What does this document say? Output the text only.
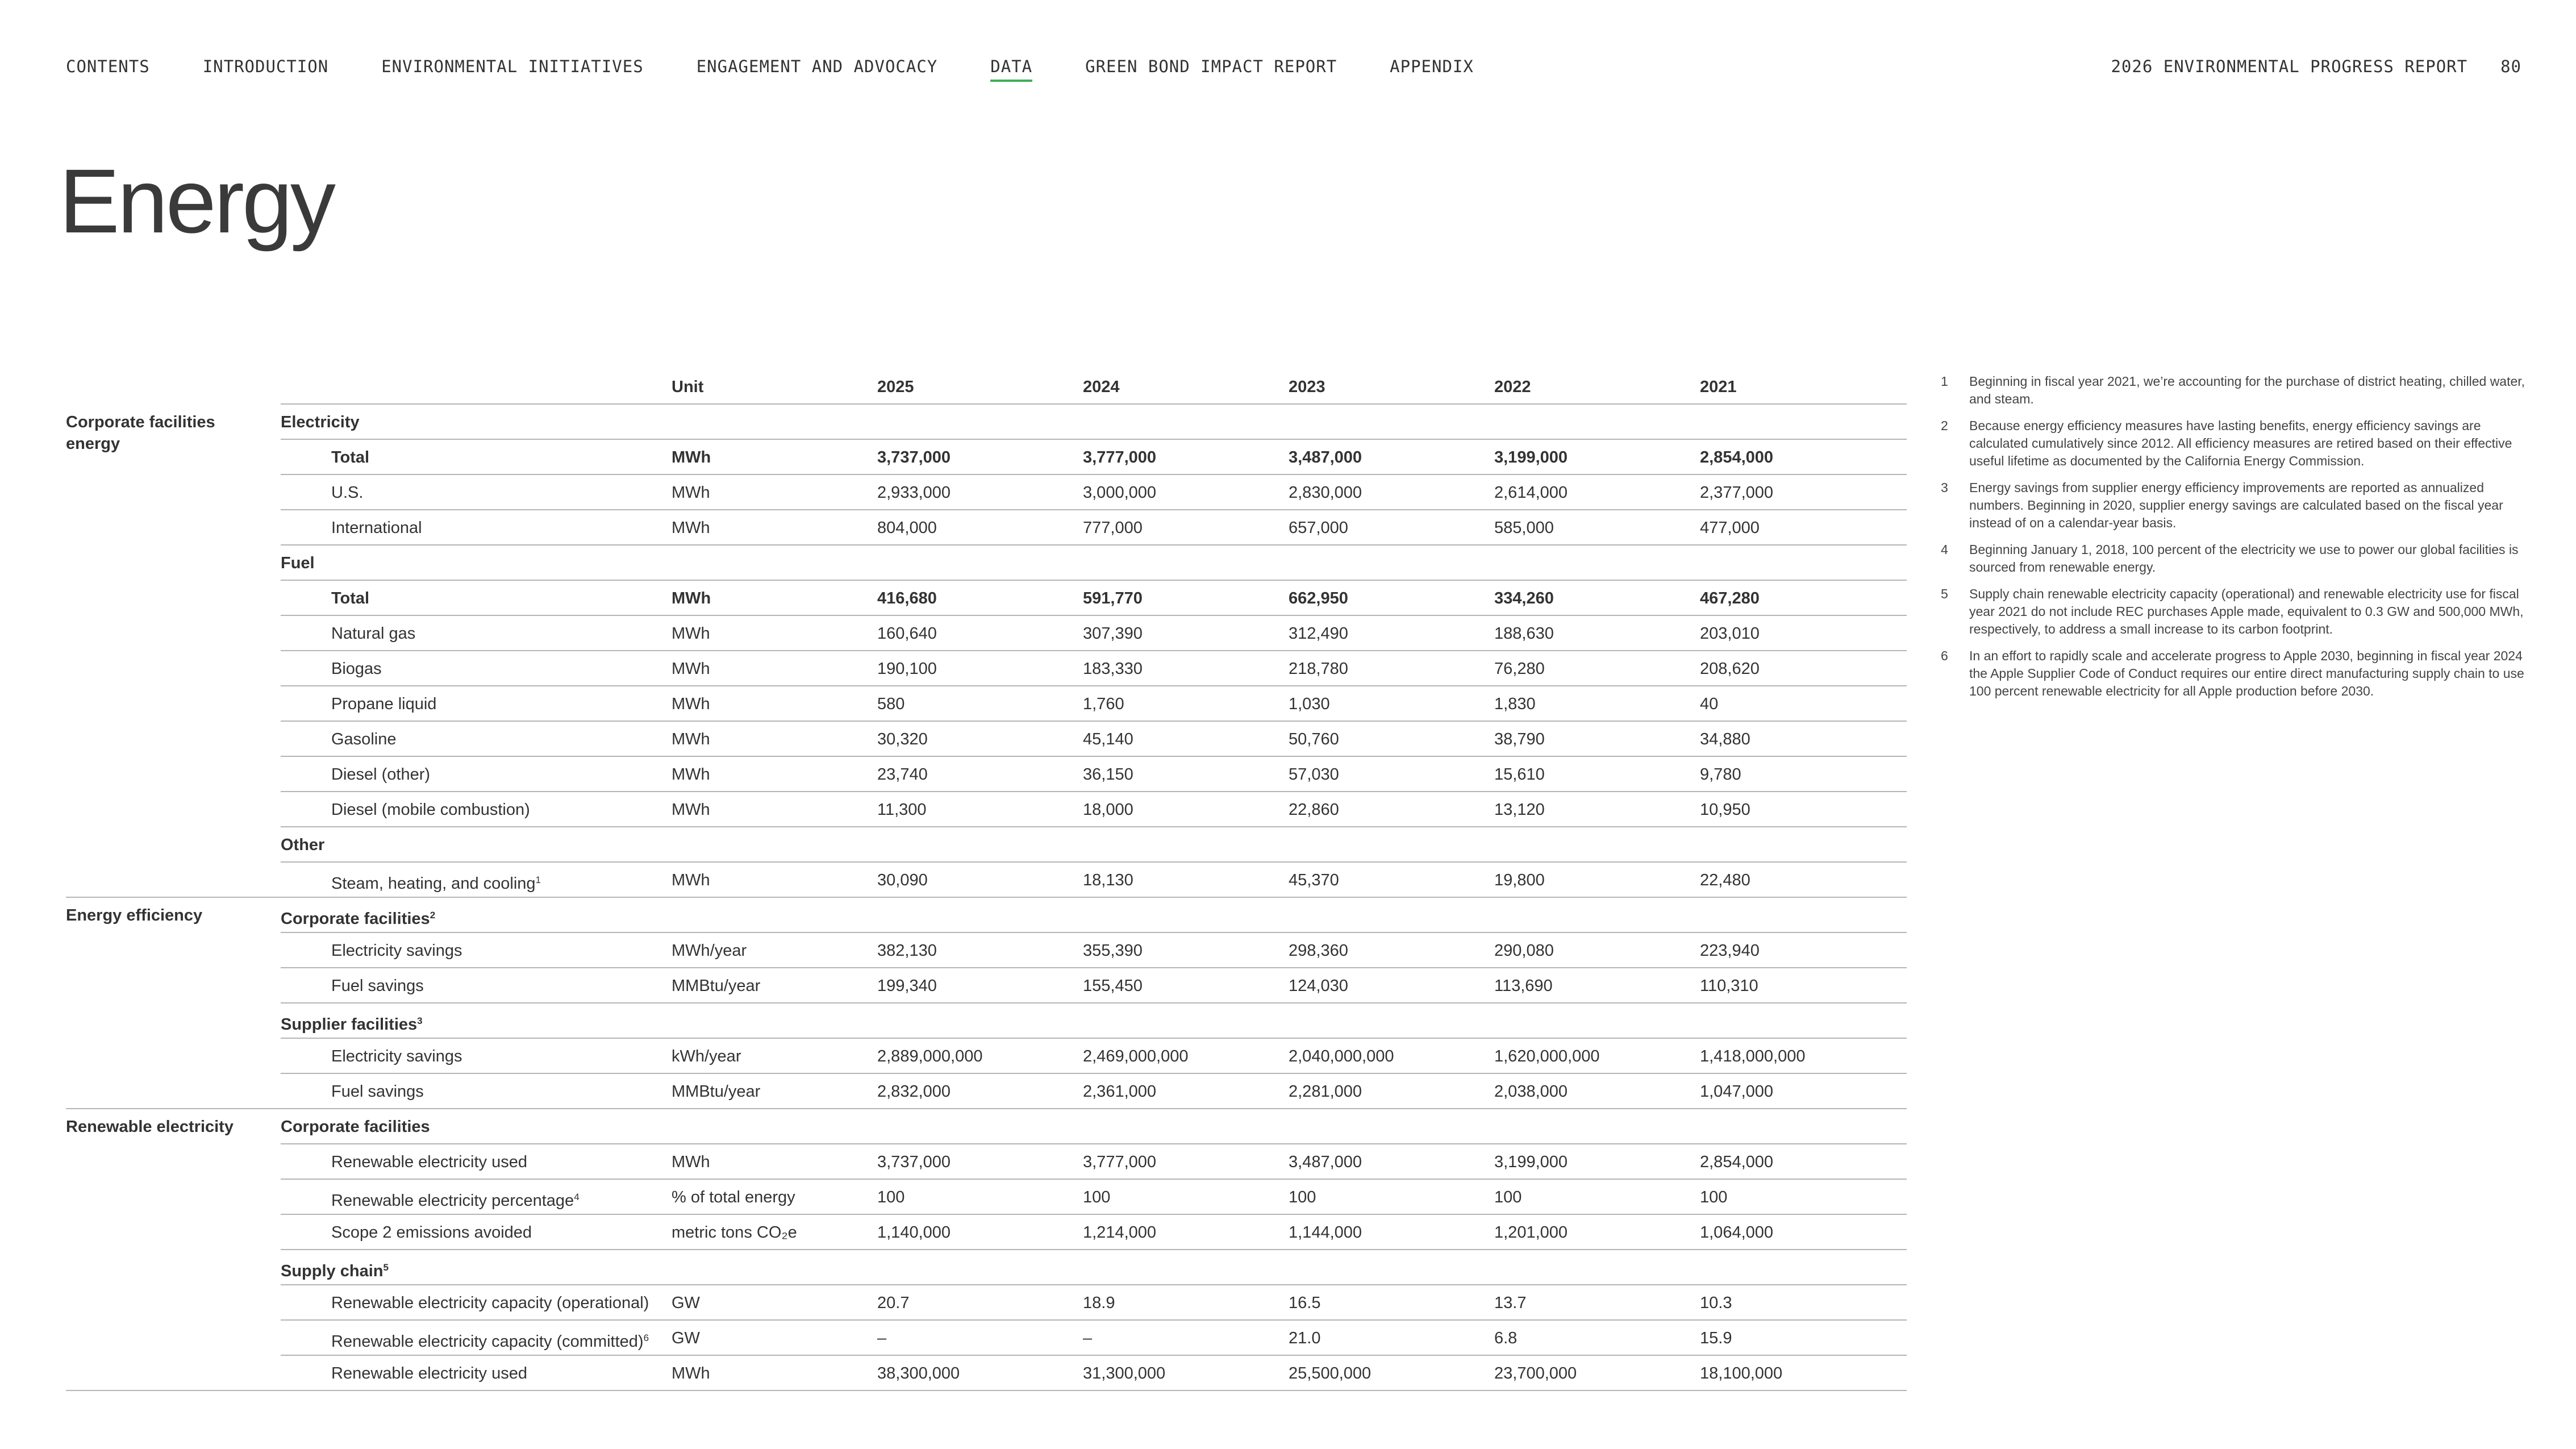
CONTENTS	INTRODUCTION	ENVIRONMENTAL INITIATIVES	ENGAGEMENT AND ADVOCACY	DATA	GREEN BOND IMPACT REPORT	APPENDIX	2026 ENVIRONMENTAL PROGRESS REPORT 80
Energy
Unit	2025	2024	2023	2022	2021
Corporate facilities energy
Electricity
Total	MWh	3,737,000	3,777,000	3,487,000	3,199,000	2,854,000
U.S.	MWh	2,933,000	3,000,000	2,830,000	2,614,000	2,377,000
International	MWh	804,000	777,000	657,000	585,000	477,000
Fuel
Total	MWh	416,680	591,770	662,950	334,260	467,280
Natural gas	MWh	160,640	307,390	312,490	188,630	203,010
Biogas	MWh	190,100	183,330	218,780	76,280	208,620
Propane liquid	MWh	580	1,760	1,030	1,830	40
Gasoline	MWh	30,320	45,140	50,760	38,790	34,880
Diesel (other)	MWh	23,740	36,150	57,030	15,610	9,780
Diesel (mobile combustion)	MWh	11,300	18,000	22,860	13,120	10,950
Other
Steam, heating, and cooling$^1$	MWh	30,090	18,130	45,370	19,800	22,480
Energy efficiency	Corporate facilities$^2$
Electricity savings	MWh/year	382,130	355,390	298,360	290,080	223,940
Fuel savings	MMBtu/year	199,340	155,450	124,030	113,690	110,310
Supplier facilities$^3$
Electricity savings	kWh/year	2,889,000,000	2,469,000,000	2,040,000,000	1,620,000,000	1,418,000,000
Fuel savings	MMBtu/year	2,832,000	2,361,000	2,281,000	2,038,000	1,047,000
Renewable electricity	Corporate facilities
Renewable electricity used	MWh	3,737,000	3,777,000	3,487,000	3,199,000	2,854,000
Renewable electricity percentage$^4$	% of total energy	100	100	100	100	100
Scope 2 emissions avoided	metric tons CO₂e	1,140,000	1,214,000	1,144,000	1,201,000	1,064,000
Supply chain$^5$
Renewable electricity capacity (operational) GW	20.7	18.9	16.5	13.7	10.3
Renewable electricity capacity (committed)$^6$ GW	–	–	21.0	6.8	15.9
Renewable electricity used	MWh	38,300,000	31,300,000	25,500,000	23,700,000	18,100,000
1 Beginning in fiscal year 2021, we’re accounting for the purchase of district heating, chilled water, and steam.
2 Because energy efficiency measures have lasting benefits, energy efficiency savings are calculated cumulatively since 2012. All efficiency measures are retired based on their effective useful lifetime as documented by the California Energy Commission.
3 Energy savings from supplier energy efficiency improvements are reported as annualized numbers. Beginning in 2020, supplier energy savings are calculated based on the fiscal year instead of on a calendar-year basis.
4 Beginning January 1, 2018, 100 percent of the electricity we use to power our global facilities is sourced from renewable energy.
5 Supply chain renewable electricity capacity (operational) and renewable electricity use for fiscal year 2021 do not include REC purchases Apple made, equivalent to 0.3 GW and 500,000 MWh, respectively, to address a small increase to its carbon footprint.
6 In an effort to rapidly scale and accelerate progress to Apple 2030, beginning in fiscal year 2024 the Apple Supplier Code of Conduct requires our entire direct manufacturing supply chain to use 100 percent renewable electricity for all Apple production before 2030.
